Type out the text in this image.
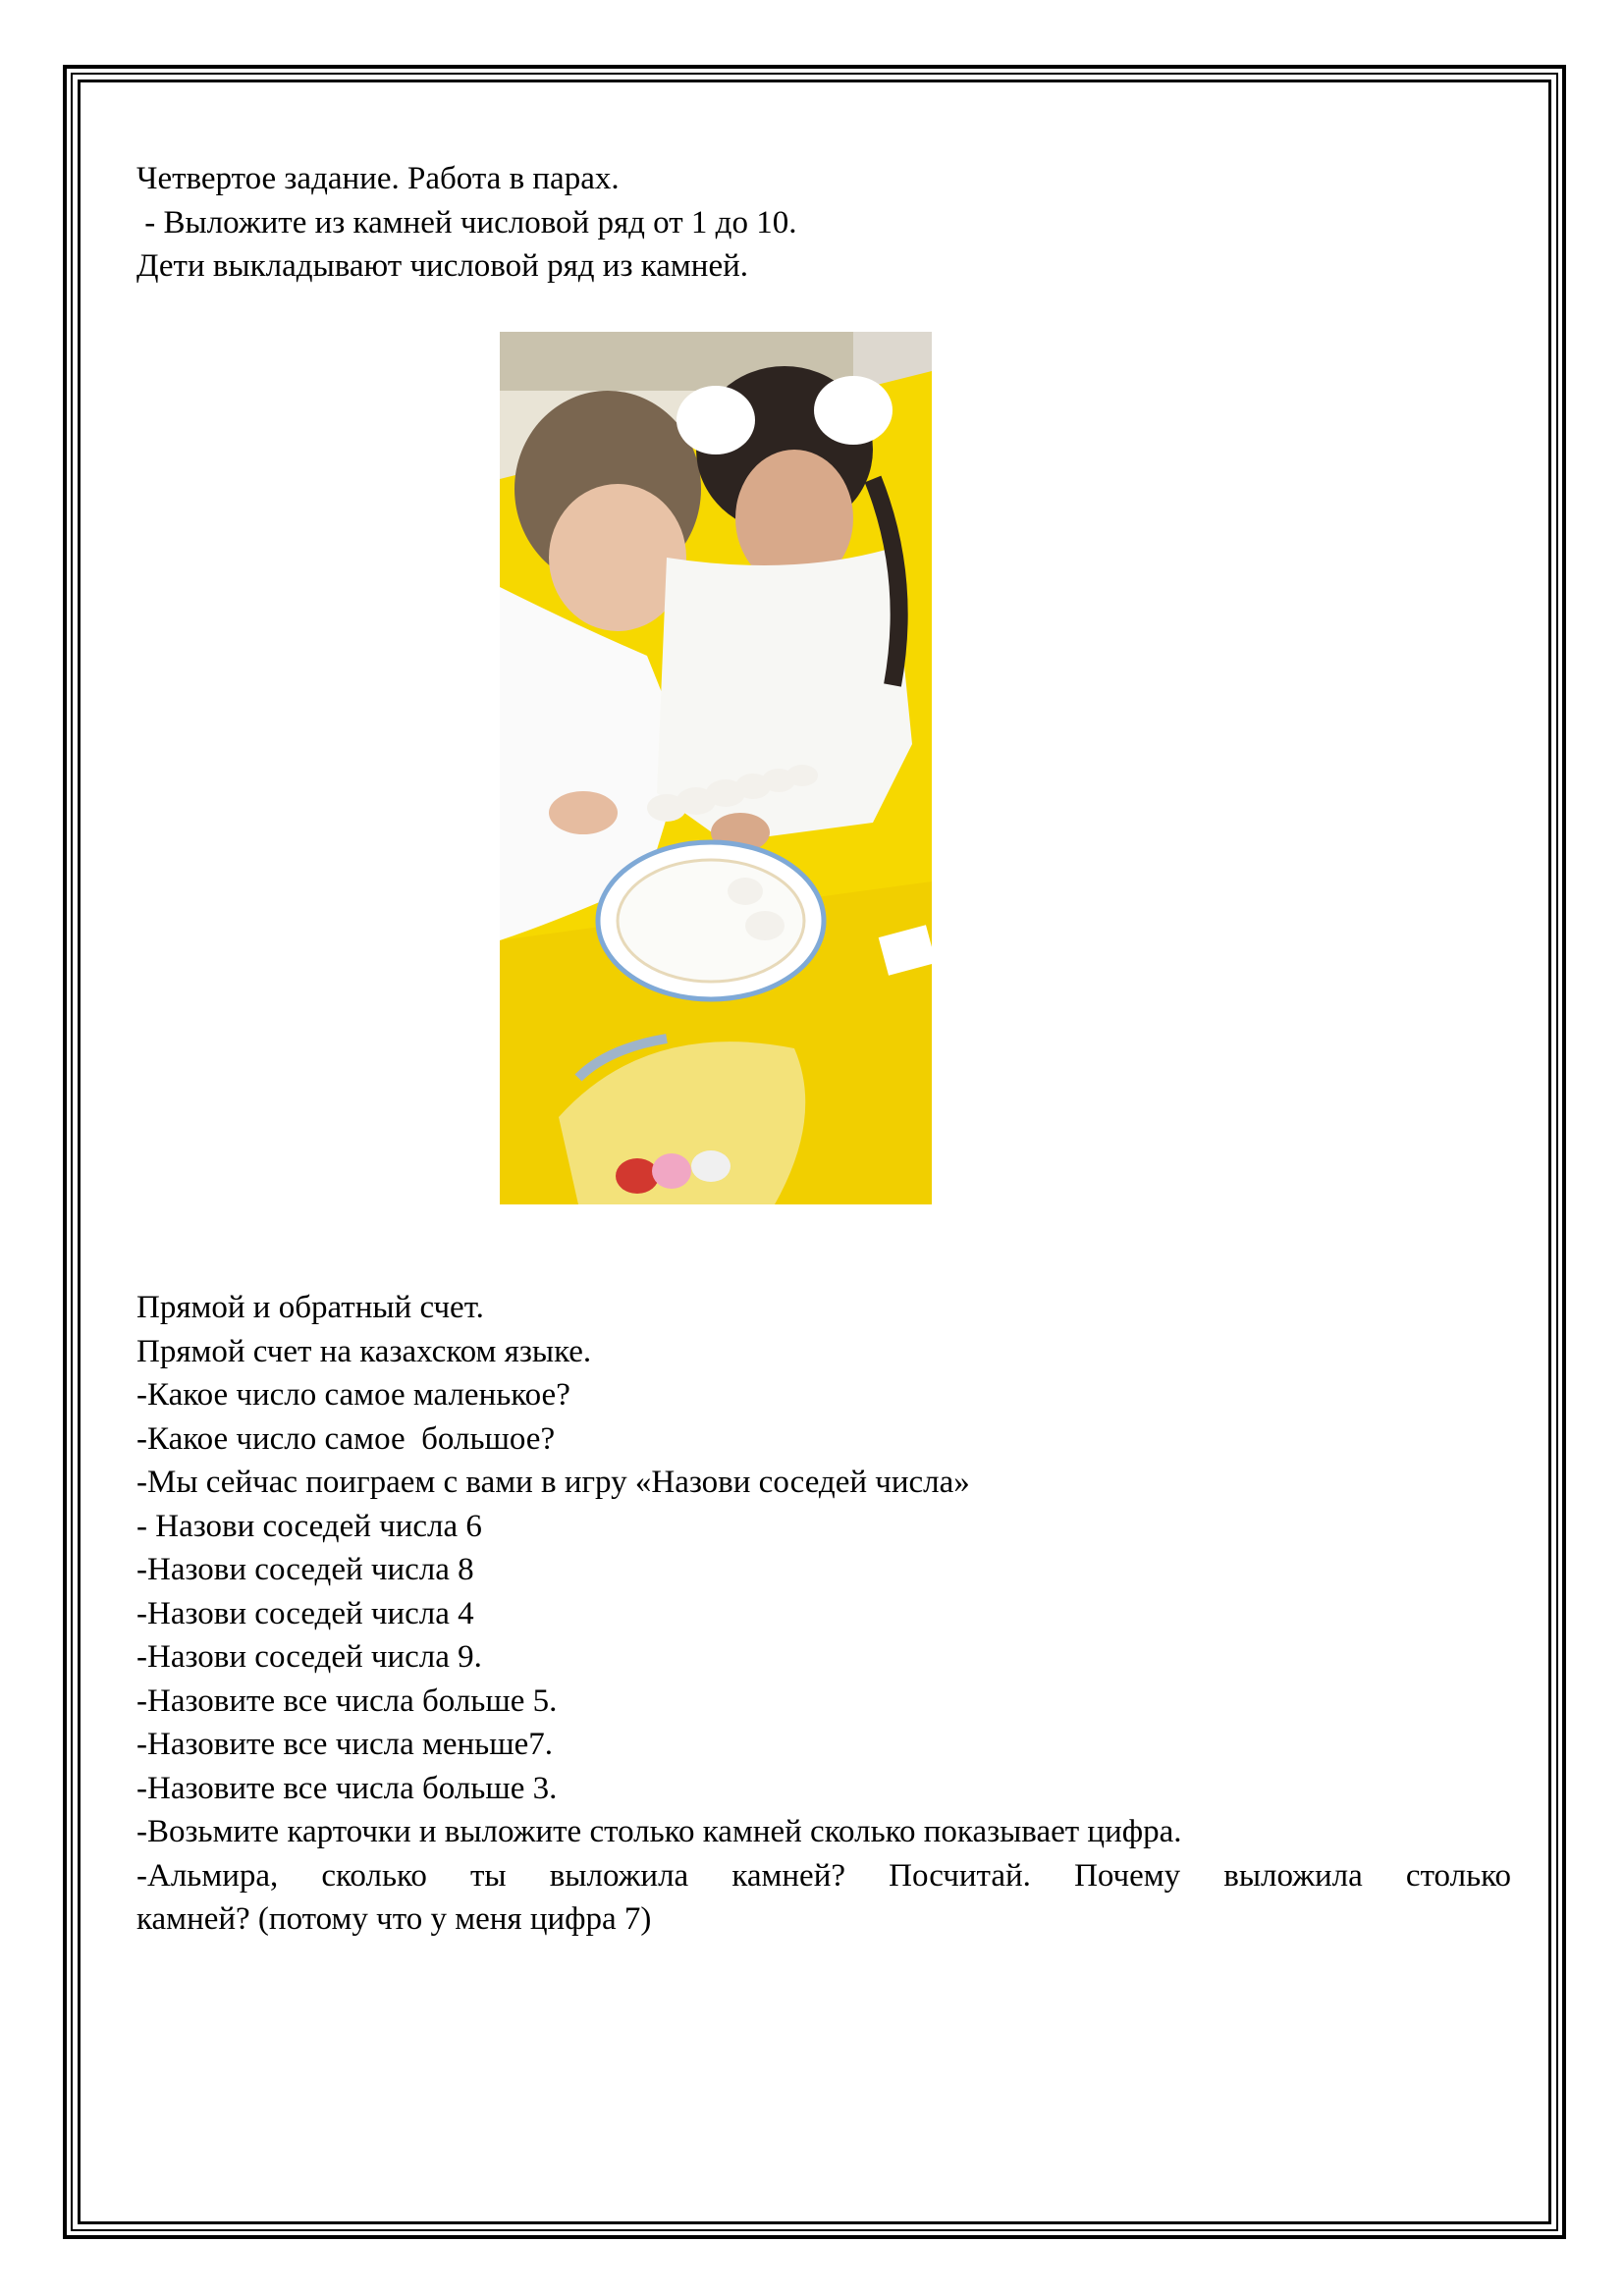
Четвертое задание. Работа в парах.
- Выложите из камней числовой ряд от 1 до 10.
Дети выкладывают числовой ряд из камней.
Прямой и обратный счет.
Прямой счет на казахском языке.
-Какое число самое маленькое?
-Какое число самое  большое?
-Мы сейчас поиграем с вами в игру «Назови соседей числа»
- Назови соседей числа 6
-Назови соседей числа 8
-Назови соседей числа 4
-Назови соседей числа 9.
-Назовите все числа больше 5.
-Назовите все числа меньше7.
-Назовите все числа больше 3.
-Возьмите карточки и выложите столько камней сколько показывает цифра.
-Альмира, сколько ты выложила камней? Посчитай. Почему выложила столько
камней? (потому что у меня цифра 7)
